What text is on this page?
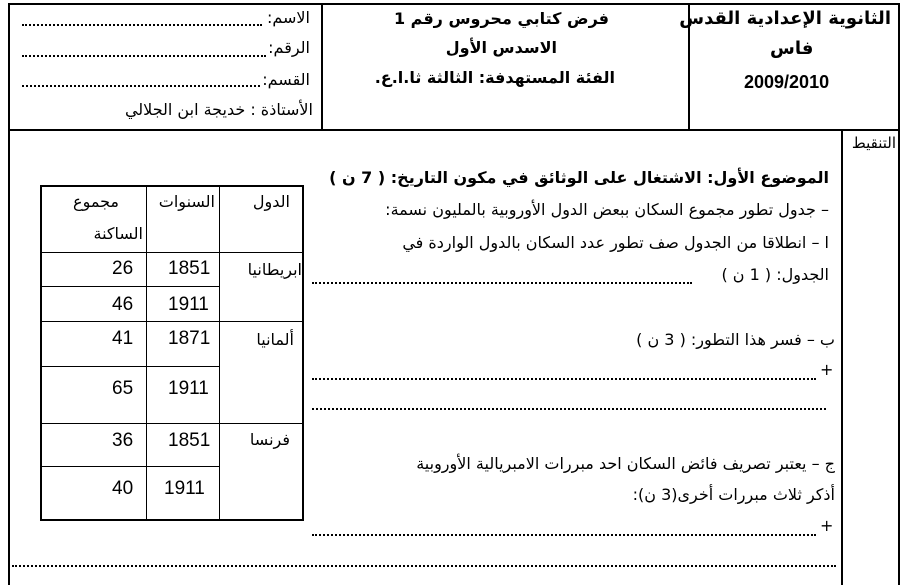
الثانوية الإعدادية القدس
فاس
2009/2010
فرض كتابي محروس رقم 1
الاسدس الأول
الفئة المستهدفة: الثالثة ثا.ا.ع.
الاسم:
الرقم:
القسم:
الأستاذة : خديجة ابن الجلالي
التنقيط
الموضوع الأول: الاشتغال على الوثائق في مكون التاريخ: ( 7 ن )
– جدول تطور مجموع السكان ببعض الدول الأوروبية بالمليون نسمة:
ا – انطلاقا من الجدول صف تطور عدد السكان بالدول الواردة في
الجدول: ( 1 ن )
ب – فسر هذا التطور: ( 3 ن )
+
ج – يعتبر تصريف فائض السكان احد مبررات الامبريالية الأوروبية
أذكر ثلاث مبررات أخرى(3 ن):
+
الدول
السنوات
مجموع
الساكنة
ابريطانيا
1851
26
1911
46
ألمانيا
1871
41
1911
65
فرنسا
1851
36
1911
40
